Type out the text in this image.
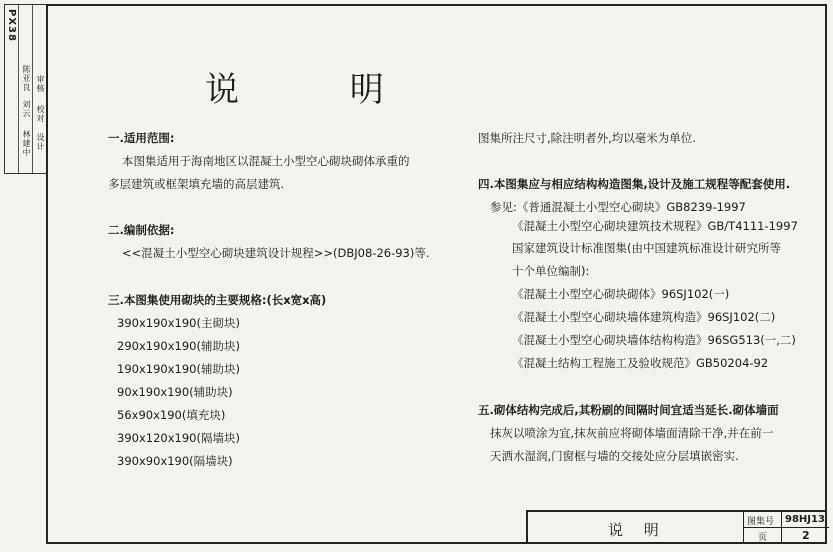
PX38
陈亚良
刘云
林建中
审核
校对
设计
说 明
一.适用范围:
本图集适用于海南地区以混凝土小型空心砌块砌体承重的
多层建筑或框架填充墙的高层建筑.
二.编制依据:
<<混凝土小型空心砌块建筑设计规程>>(DBJ08-26-93)等.
三.本图集使用砌块的主要规格:(长x宽x高)
390x190x190(主砌块)
290x190x190(辅助块)
190x190x190(辅助块)
90x190x190(辅助块)
56x90x190(填充块)
390x120x190(隔墙块)
390x90x190(隔墙块)
图集所注尺寸,除注明者外,均以毫米为单位.
四.本图集应与相应结构构造图集,设计及施工规程等配套使用.
参见:《普通混凝土小型空心砌块》GB8239-1997
《混凝土小型空心砌块建筑技术规程》GB/T4111-1997
国家建筑设计标准图集(由中国建筑标准设计研究所等
十个单位编制):
《混凝土小型空心砌块砌体》96SJ102(一)
《混凝土小型空心砌块墙体建筑构造》96SJ102(二)
《混凝土小型空心砌块墙体结构构造》96SG513(一,二)
《混凝土结构工程施工及验收规范》GB50204-92
五.砌体结构完成后,其粉刷的间隔时间宜适当延长.砌体墙面
抹灰以喷涂为宜,抹灰前应将砌体墙面清除干净,并在前一
天洒水湿润,门窗框与墙的交接处应分层填嵌密实.
说 明	图集号 98HJ13
页	2
